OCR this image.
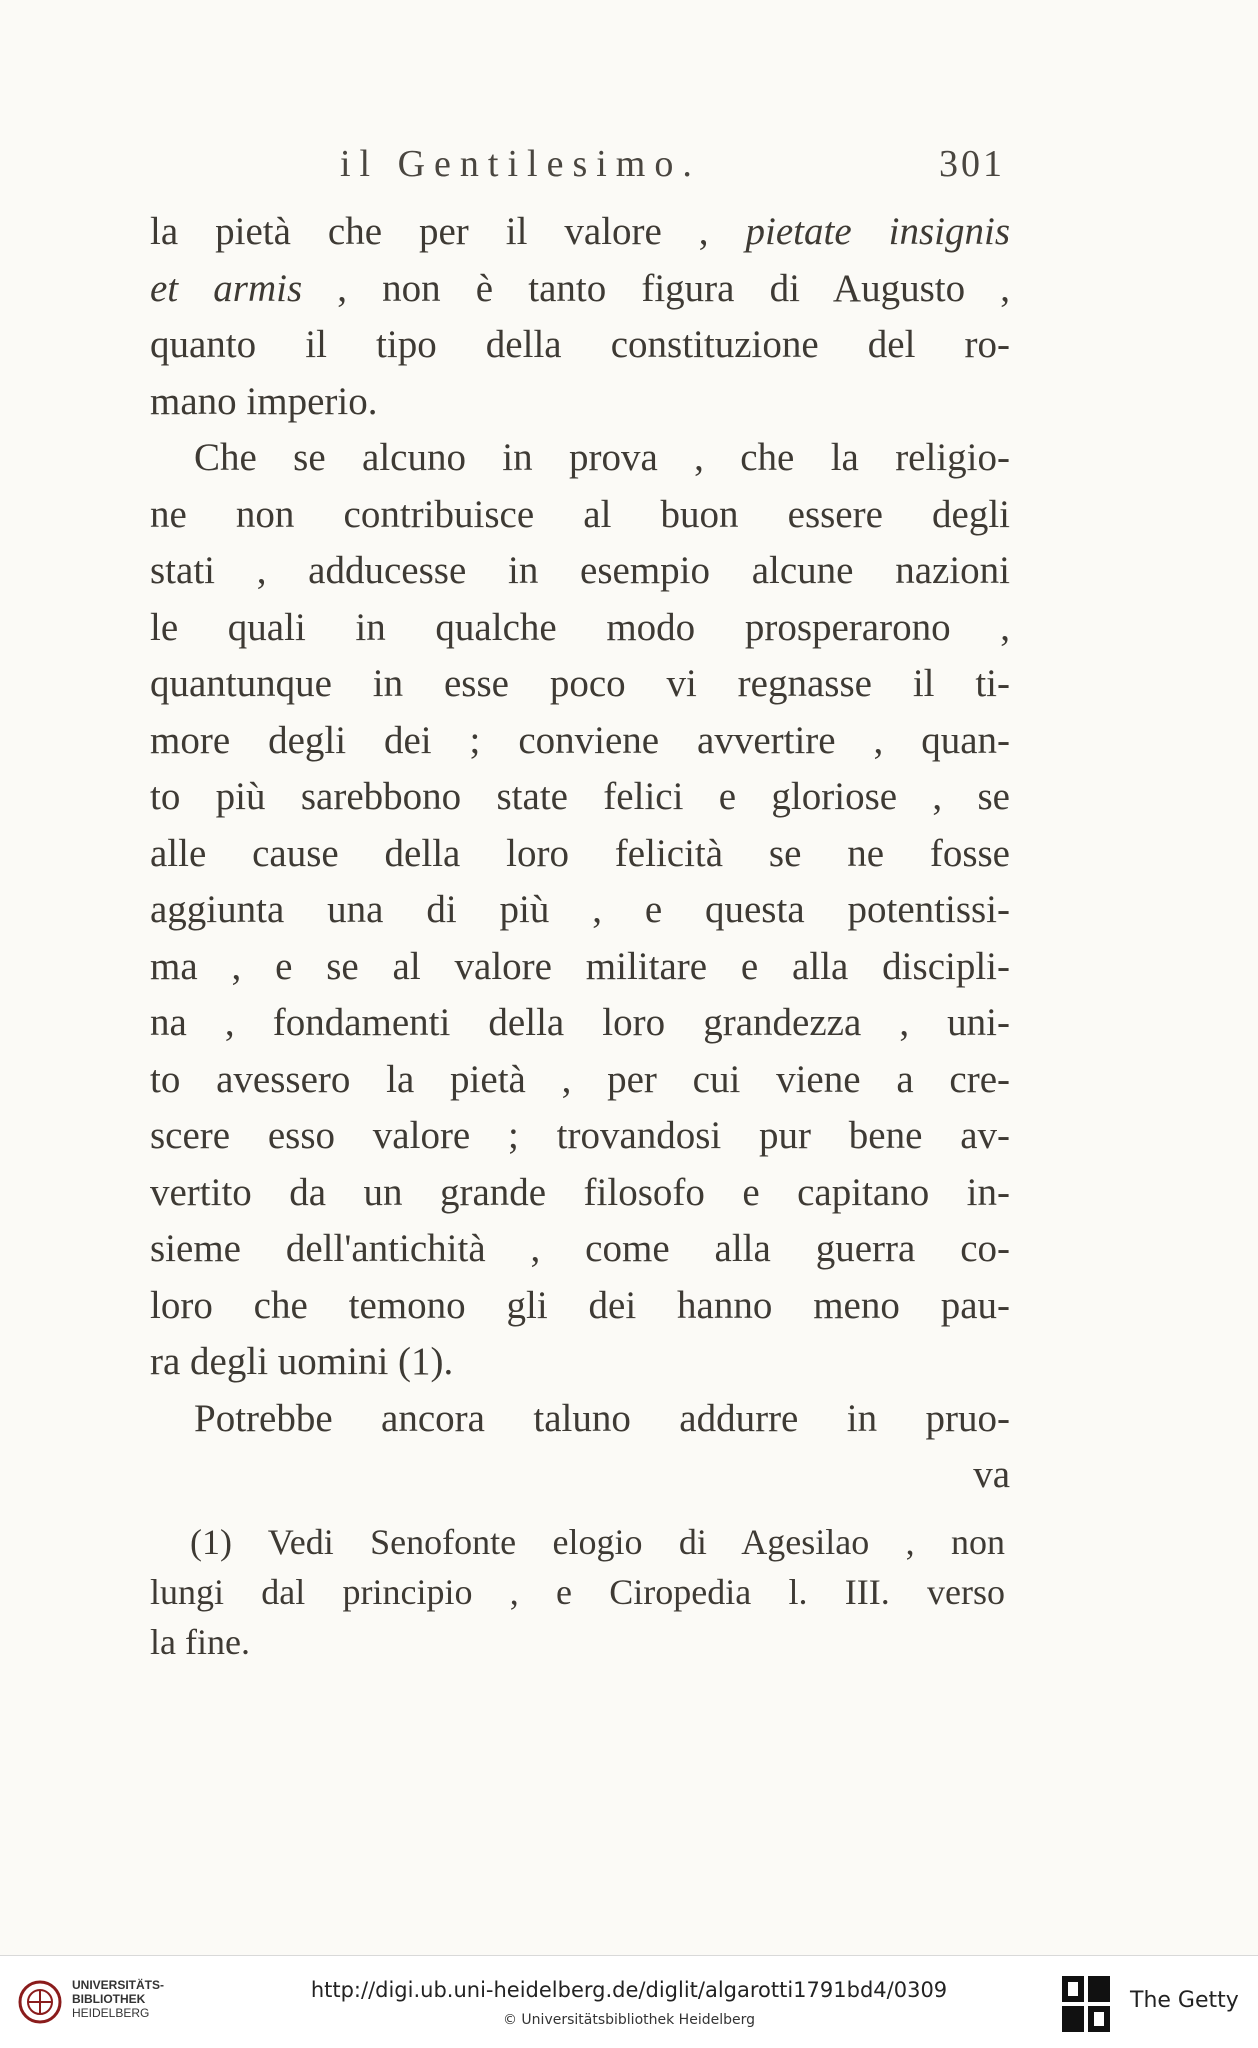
il Gentilesimo.	301
la pietà che per il valore , pietate insignis
et armis , non è tanto figura di Augusto ,
quanto il tipo della constituzione del ro-
mano imperio.
Che se alcuno in prova , che la religio-
ne non contribuisce al buon essere degli
stati , adducesse in esempio alcune nazioni
le quali in qualche modo prosperarono ,
quantunque in esse poco vi regnasse il ti-
more degli dei ; conviene avvertire , quan-
to più sarebbono state felici e gloriose , se
alle cause della loro felicità se ne fosse
aggiunta una di più , e questa potentissi-
ma , e se al valore militare e alla discipli-
na , fondamenti della loro grandezza , uni-
to avessero la pietà , per cui viene a cre-
scere esso valore ; trovandosi pur bene av-
vertito da un grande filosofo e capitano in-
sieme dell'antichità , come alla guerra co-
loro che temono gli dei hanno meno pau-
ra degli uomini (1).
Potrebbe ancora taluno addurre in pruo-
va
(1) Vedi Senofonte elogio di Agesilao , non
lungi dal principio , e Ciropedia l. III. verso
la fine.
UNIVERSITÄTS-
BIBLIOTHEK
HEIDELBERG
http://digi.ub.uni-heidelberg.de/diglit/algarotti1791bd4/0309
© Universitätsbibliothek Heidelberg
The Getty
